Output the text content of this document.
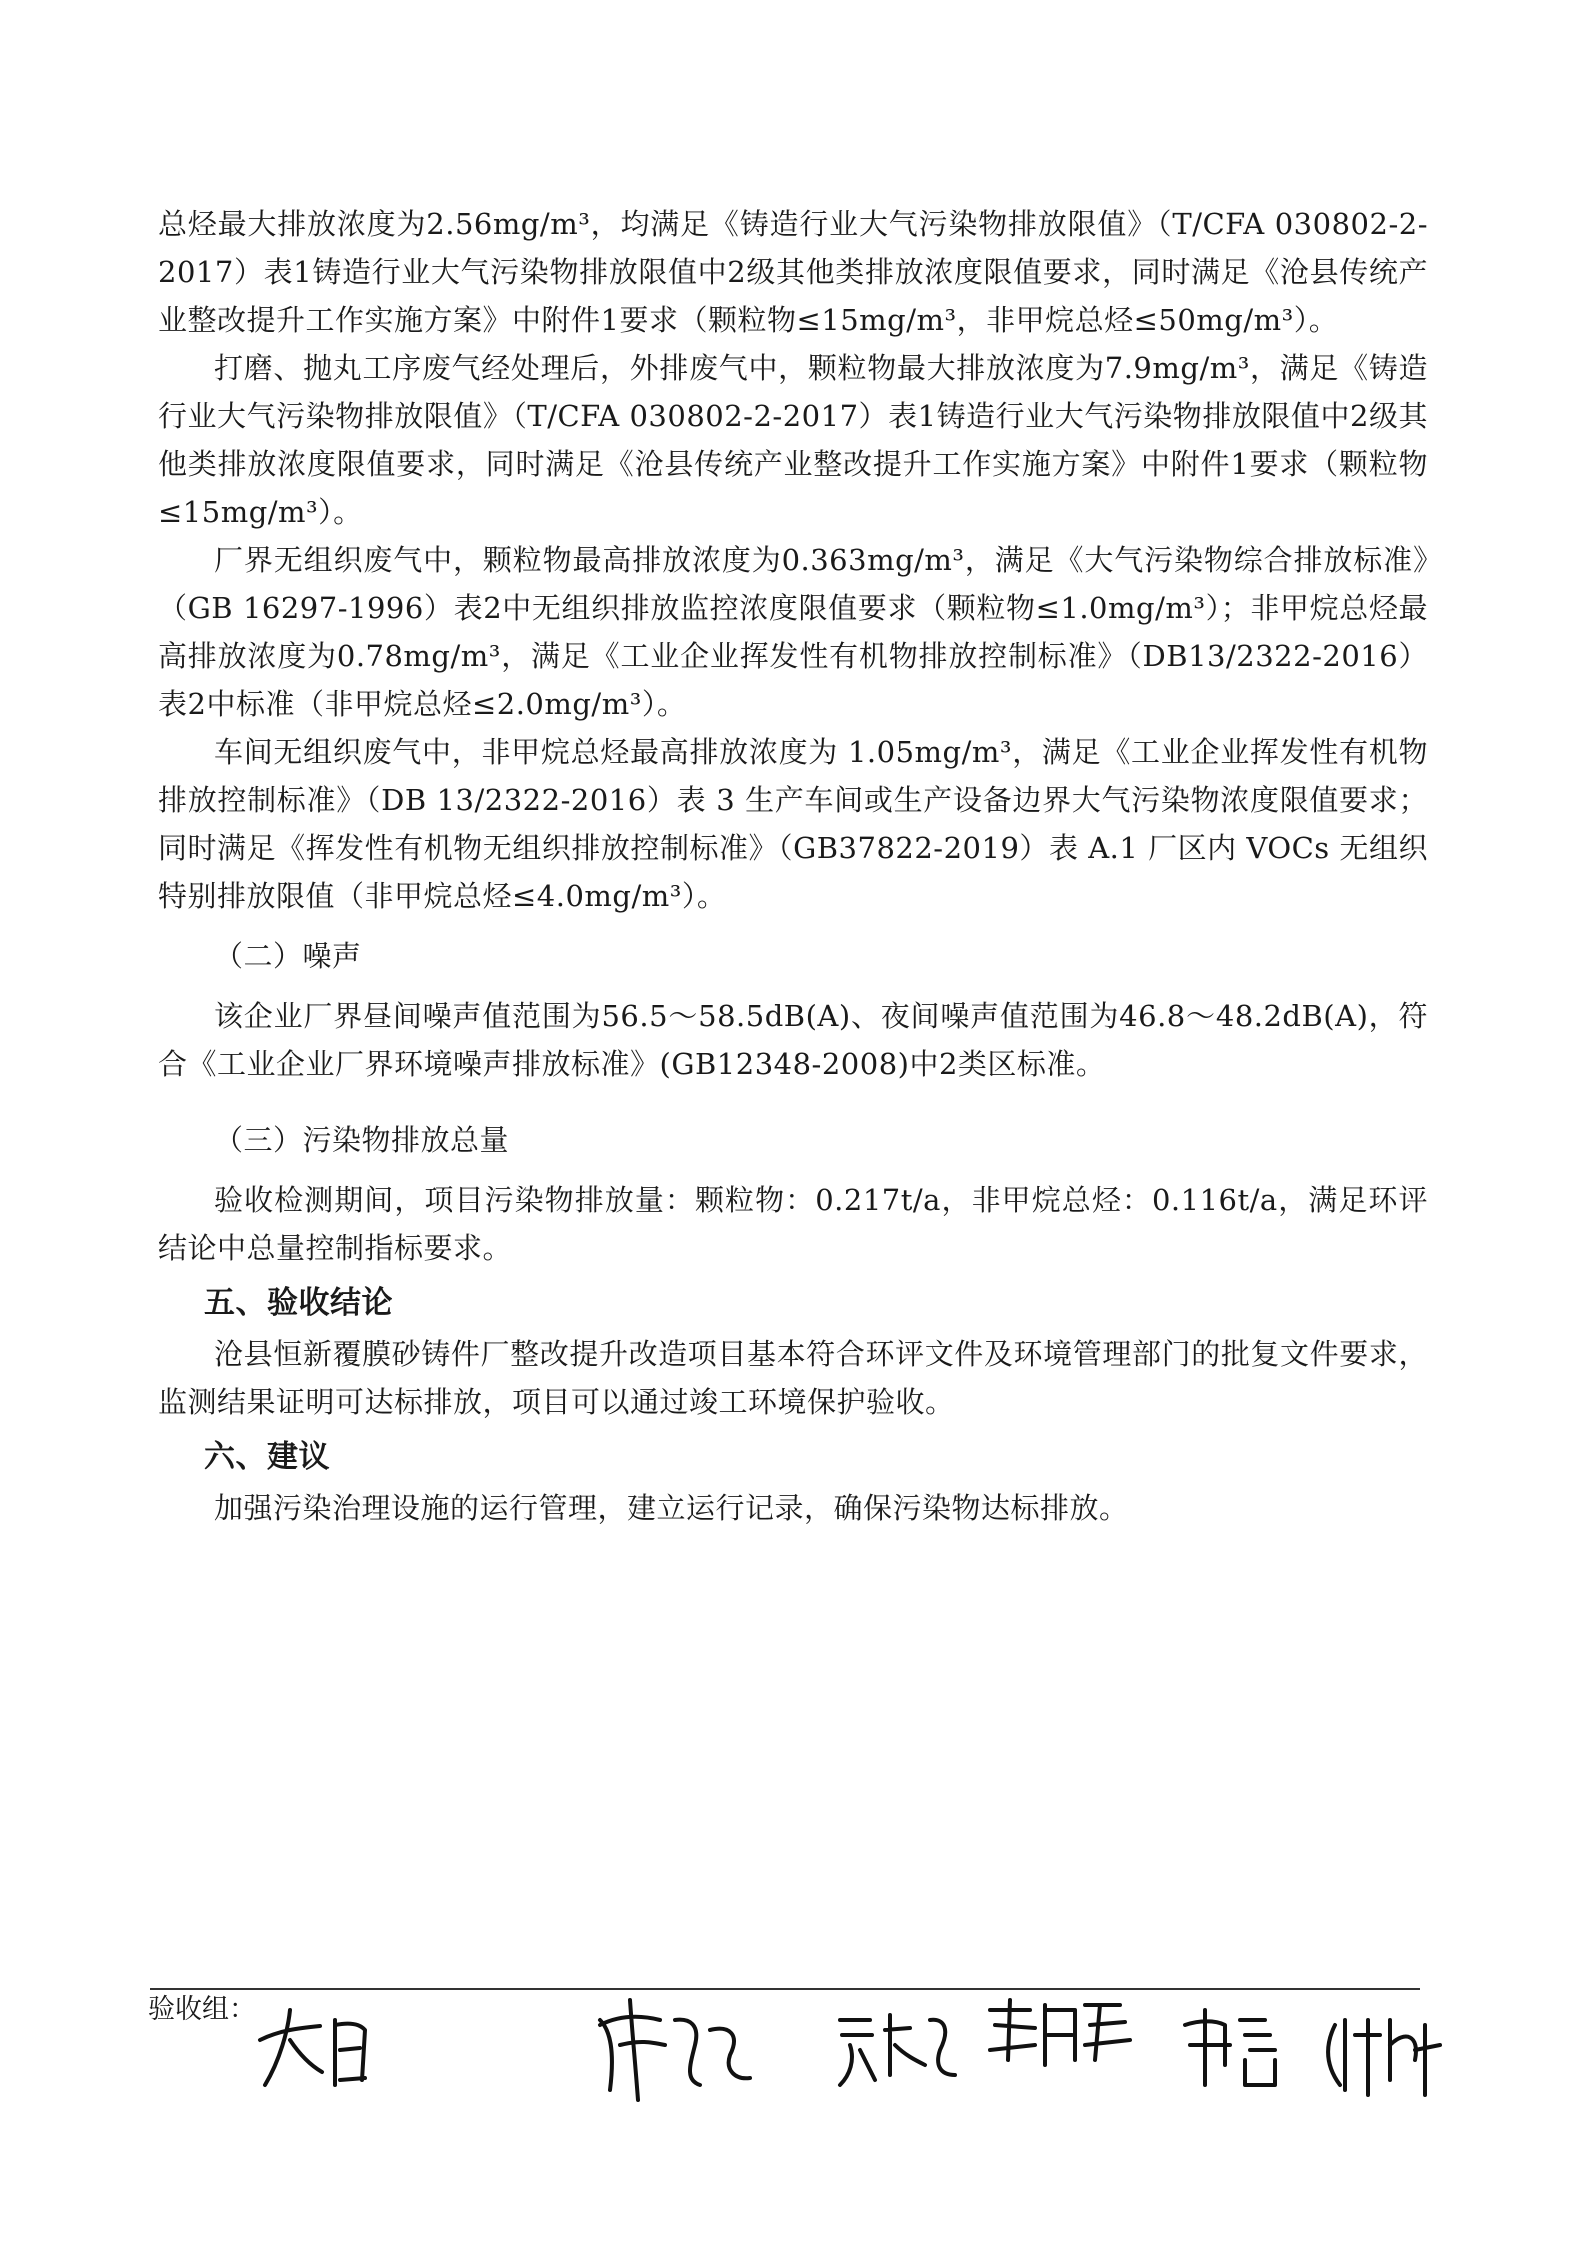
总烃最大排放浓度为2.56mg/m³，均满足《铸造行业大气污染物排放限值》（T/CFA 030802-2-2017）表1铸造行业大气污染物排放限值中2级其他类排放浓度限值要求，同时满足《沧县传统产业整改提升工作实施方案》中附件1要求（颗粒物≤15mg/m³，非甲烷总烃≤50mg/m³）。

打磨、抛丸工序废气经处理后，外排废气中，颗粒物最大排放浓度为7.9mg/m³，满足《铸造行业大气污染物排放限值》（T/CFA 030802-2-2017）表1铸造行业大气污染物排放限值中2级其他类排放浓度限值要求，同时满足《沧县传统产业整改提升工作实施方案》中附件1要求（颗粒物≤15mg/m³）。

厂界无组织废气中，颗粒物最高排放浓度为0.363mg/m³，满足《大气污染物综合排放标准》（GB 16297-1996）表2中无组织排放监控浓度限值要求（颗粒物≤1.0mg/m³）；非甲烷总烃最高排放浓度为0.78mg/m³，满足《工业企业挥发性有机物排放控制标准》（DB13/2322-2016）表2中标准（非甲烷总烃≤2.0mg/m³）。

车间无组织废气中，非甲烷总烃最高排放浓度为 1.05mg/m³，满足《工业企业挥发性有机物排放控制标准》（DB 13/2322-2016）表 3 生产车间或生产设备边界大气污染物浓度限值要求；同时满足《挥发性有机物无组织排放控制标准》（GB37822-2019）表 A.1 厂区内 VOCs 无组织特别排放限值（非甲烷总烃≤4.0mg/m³）。

（二）噪声

该企业厂界昼间噪声值范围为56.5～58.5dB(A)、夜间噪声值范围为46.8～48.2dB(A)，符合《工业企业厂界环境噪声排放标准》(GB12348-2008)中2类区标准。

（三）污染物排放总量

验收检测期间，项目污染物排放量：颗粒物：0.217t/a，非甲烷总烃：0.116t/a，满足环评结论中总量控制指标要求。

五、验收结论

沧县恒新覆膜砂铸件厂整改提升改造项目基本符合环评文件及环境管理部门的批复文件要求，监测结果证明可达标排放，项目可以通过竣工环境保护验收。

六、建议

加强污染治理设施的运行管理，建立运行记录，确保污染物达标排放。

验收组：
